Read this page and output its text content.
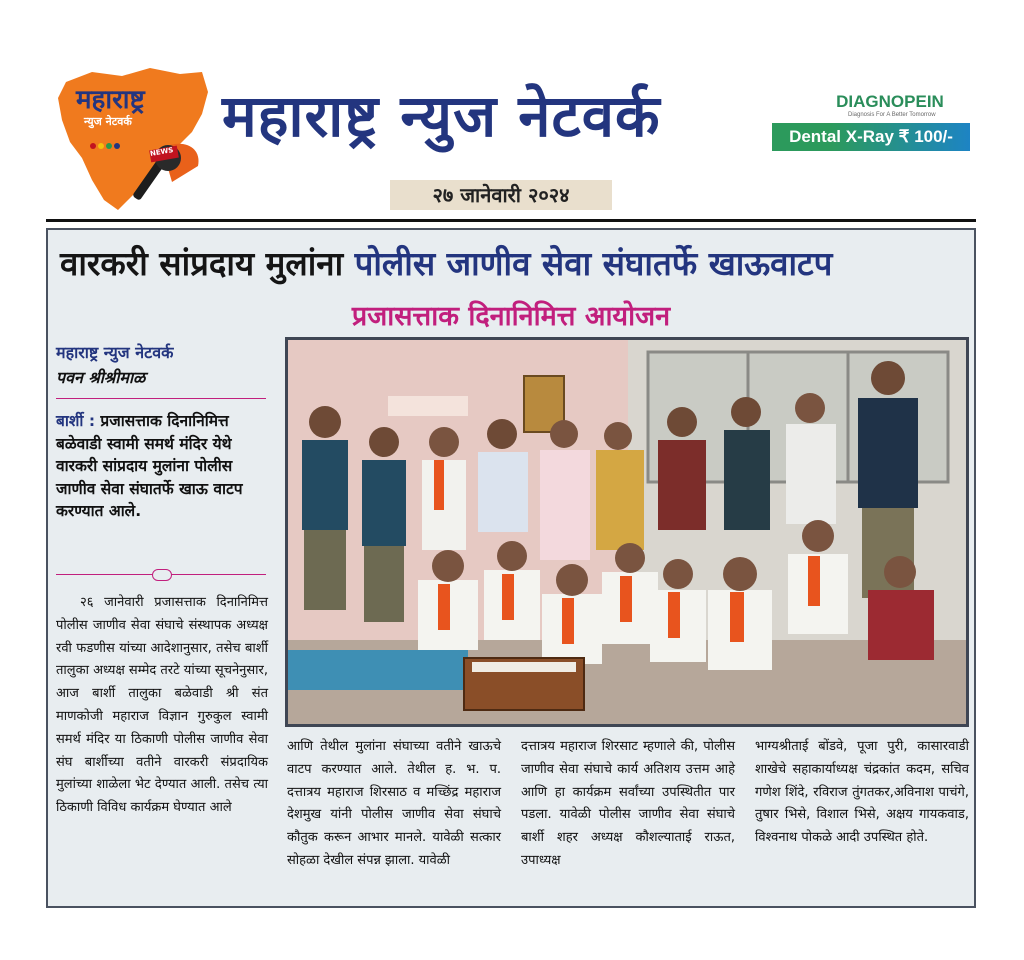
महाराष्ट्र
न्युज नेटवर्क
NEWS
महाराष्ट्र न्युज नेटवर्क	DIAGNOPEIN
Diagnosis For A Better Tomorrow
Dental X-Ray ₹ 100/-
२७ जानेवारी २०२४
वारकरी सांप्रदाय मुलांना पोलीस जाणीव सेवा संघातर्फे खाऊवाटप
प्रजासत्ताक दिनानिमित्त आयोजन
महाराष्ट्र न्युज नेटवर्क
पवन श्रीश्रीमाळ
बार्शी : प्रजासत्ताक दिनानिमित्त बळेवाडी स्वामी समर्थ मंदिर येथे वारकरी सांप्रदाय मुलांना पोलीस जाणीव सेवा संघातर्फे खाऊ वाटप करण्यात आले.

२६ जानेवारी प्रजासत्ताक दिनानिमित्त पोलीस जाणीव सेवा संघाचे संस्थापक अध्यक्ष रवी फडणीस यांच्या आदेशानुसार, तसेच बार्शी तालुका अध्यक्ष सम्मेद तरटे यांच्या सूचनेनुसार, आज बार्शी तालुका बळेवाडी श्री संत माणकोजी महाराज विज्ञान गुरुकुल स्वामी समर्थ मंदिर या ठिकाणी पोलीस जाणीव सेवा संघ बार्शीच्या वतीने वारकरी संप्रदायिक मुलांच्या शाळेला भेट देण्यात आली. तसेच त्या ठिकाणी विविध कार्यक्रम घेण्यात आले

आणि तेथील मुलांना संघाच्या वतीने खाऊचे वाटप करण्यात आले. तेथील ह. भ. प. दत्तात्रय महाराज शिरसाठ व मच्छिंद्र महाराज देशमुख यांनी पोलीस जाणीव सेवा संघाचे कौतुक करून आभार मानले. यावेळी सत्कार सोहळा देखील संपन्न झाला. यावेळी

दत्तात्रय महाराज शिरसाट म्हणाले की, पोलीस जाणीव सेवा संघाचे कार्य अतिशय उत्तम आहे आणि हा कार्यक्रम सर्वांच्या उपस्थितीत पार पडला. यावेळी पोलीस जाणीव सेवा संघाचे बार्शी शहर अध्यक्ष कौशल्याताई राऊत, उपाध्यक्ष

भाग्यश्रीताई बोंडवे, पूजा पुरी, कासारवाडी शाखेचे सहाकार्याध्यक्ष चंद्रकांत कदम, सचिव गणेश शिंदे, रविराज तुंगतकर,अविनाश पाचंगे, तुषार भिसे, विशाल भिसे, अक्षय गायकवाड, विश्वनाथ पोकळे आदी उपस्थित होते.
